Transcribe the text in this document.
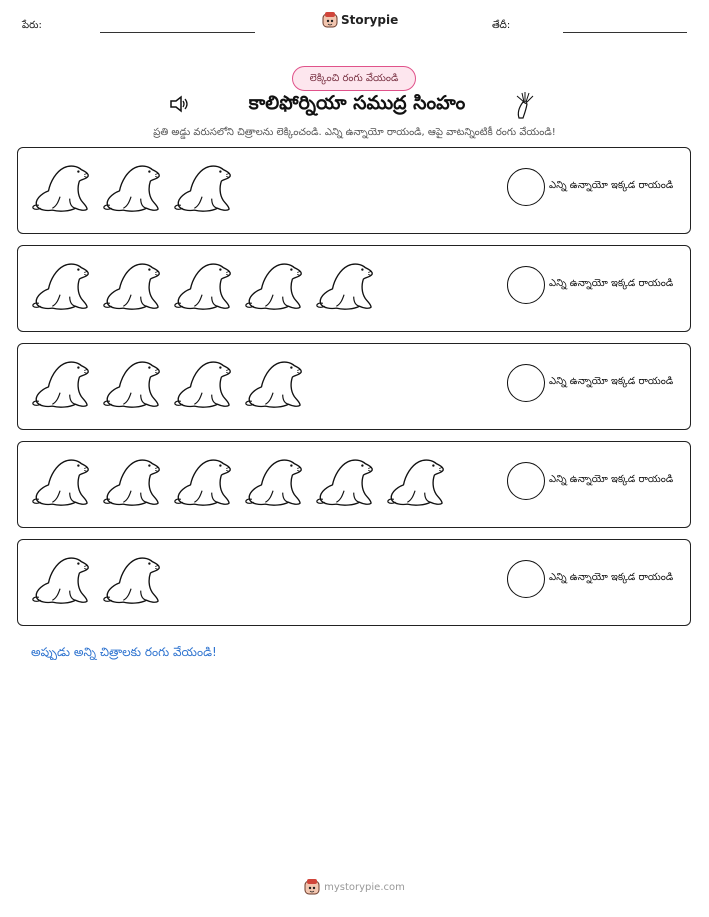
పేరు:	తేదీ:
Storypie
లెక్కించి రంగు వేయండి
కాలిఫోర్నియా సముద్ర సింహం
ప్రతి అడ్డు వరుసలోని చిత్రాలను లెక్కించండి. ఎన్ని ఉన్నాయో రాయండి, ఆపై వాటన్నింటికీ రంగు వేయండి!
ఎన్ని ఉన్నాయో ఇక్కడ రాయండి
ఎన్ని ఉన్నాయో ఇక్కడ రాయండి
ఎన్ని ఉన్నాయో ఇక్కడ రాయండి
ఎన్ని ఉన్నాయో ఇక్కడ రాయండి
ఎన్ని ఉన్నాయో ఇక్కడ రాయండి
అప్పుడు అన్ని చిత్రాలకు రంగు వేయండి!
mystorypie.com
